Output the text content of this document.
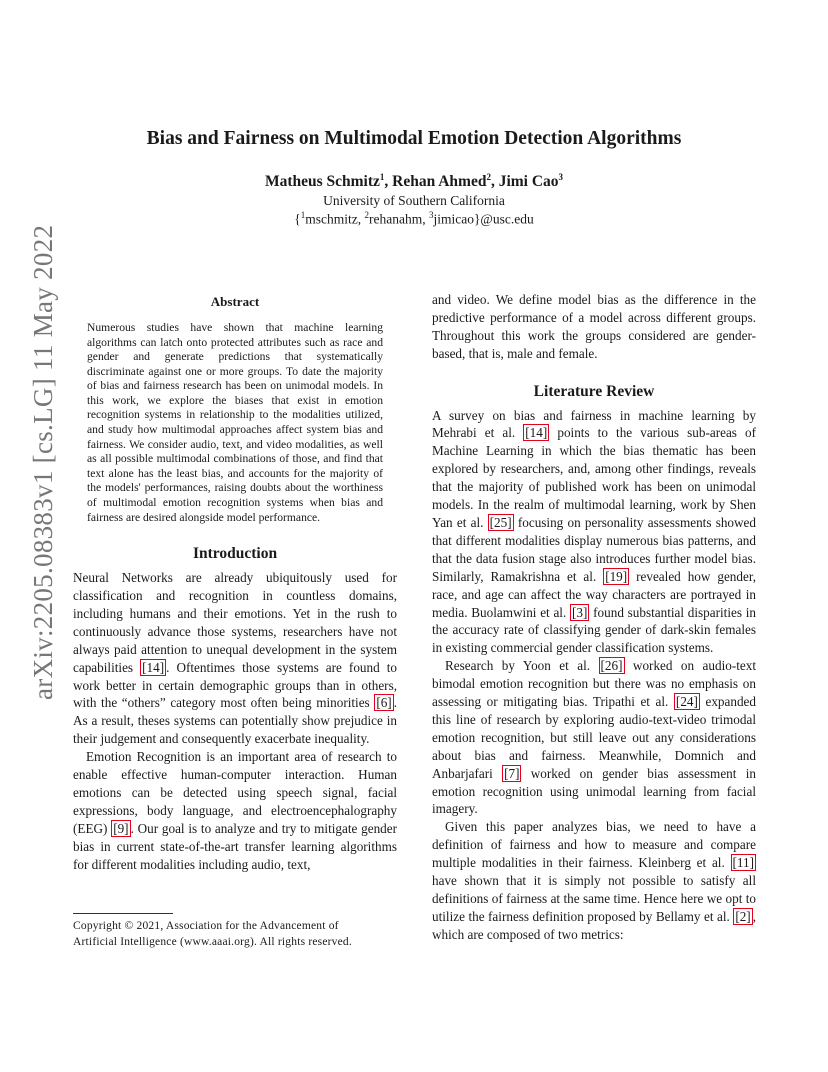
arXiv:2205.08383v1 [cs.LG] 11 May 2022
Bias and Fairness on Multimodal Emotion Detection Algorithms
Matheus Schmitz$^1$, Rehan Ahmed$^2$, Jimi Cao$^3$
University of Southern California
{$^1$mschmitz, $^2$rehanahm, $^3$jimicao}@usc.edu
Abstract
Numerous studies have shown that machine learning algorithms can latch onto protected attributes such as race and gender and generate predictions that systematically discriminate against one or more groups. To date the majority of bias and fairness research has been on unimodal models. In this work, we explore the biases that exist in emotion recognition systems in relationship to the modalities utilized, and study how multimodal approaches affect system bias and fairness. We consider audio, text, and video modalities, as well as all possible multimodal combinations of those, and find that text alone has the least bias, and accounts for the majority of the models' performances, raising doubts about the worthiness of multimodal emotion recognition systems when bias and fairness are desired alongside model performance.
Introduction

Neural Networks are already ubiquitously used for classification and recognition in countless domains, including humans and their emotions. Yet in the rush to continuously advance those systems, researchers have not always paid attention to unequal development in the system capabilities [14] . Oftentimes those systems are found to work better in certain demographic groups than in others, with the “others” category most often being minorities [6] . As a result, theses systems can potentially show prejudice in their judgement and consequently exacerbate inequality.

Emotion Recognition is an important area of research to enable effective human-computer interaction. Human emotions can be detected using speech signal, facial expressions, body language, and electroencephalography (EEG) [9] . Our goal is to analyze and try to mitigate gender bias in current state-of-the-art transfer learning algorithms for different modalities including audio, text,

Copyright © 2021, Association for the Advancement of
Artificial Intelligence (www.aaai.org). All rights reserved.

and video. We define model bias as the difference in the predictive performance of a model across different groups. Throughout this work the groups considered are gender-based, that is, male and female.

Literature Review

A survey on bias and fairness in machine learning by Mehrabi et al. [14] points to the various sub-areas of Machine Learning in which the bias thematic has been explored by researchers, and, among other findings, reveals that the majority of published work has been on unimodal models. In the realm of multimodal learning, work by Shen Yan et al. [25] focusing on personality assessments showed that different modalities display numerous bias patterns, and that the data fusion stage also introduces further model bias. Similarly, Ramakrishna et al. [19] revealed how gender, race, and age can affect the way characters are portrayed in media. Buolamwini et al. [3] found substantial disparities in the accuracy rate of classifying gender of dark-skin females in existing commercial gender classification systems.

Research by Yoon et al. [26] worked on audio-text bimodal emotion recognition but there was no emphasis on assessing or mitigating bias. Tripathi et al. [24] expanded this line of research by exploring audio-text-video trimodal emotion recognition, but still leave out any considerations about bias and fairness. Meanwhile, Domnich and Anbarjafari [7] worked on gender bias assessment in emotion recognition using unimodal learning from facial imagery.

Given this paper analyzes bias, we need to have a definition of fairness and how to measure and compare multiple modalities in their fairness. Kleinberg et al. [11] have shown that it is simply not possible to satisfy all definitions of fairness at the same time. Hence here we opt to utilize the fairness definition proposed by Bellamy et al. [2] , which are composed of two metrics:
